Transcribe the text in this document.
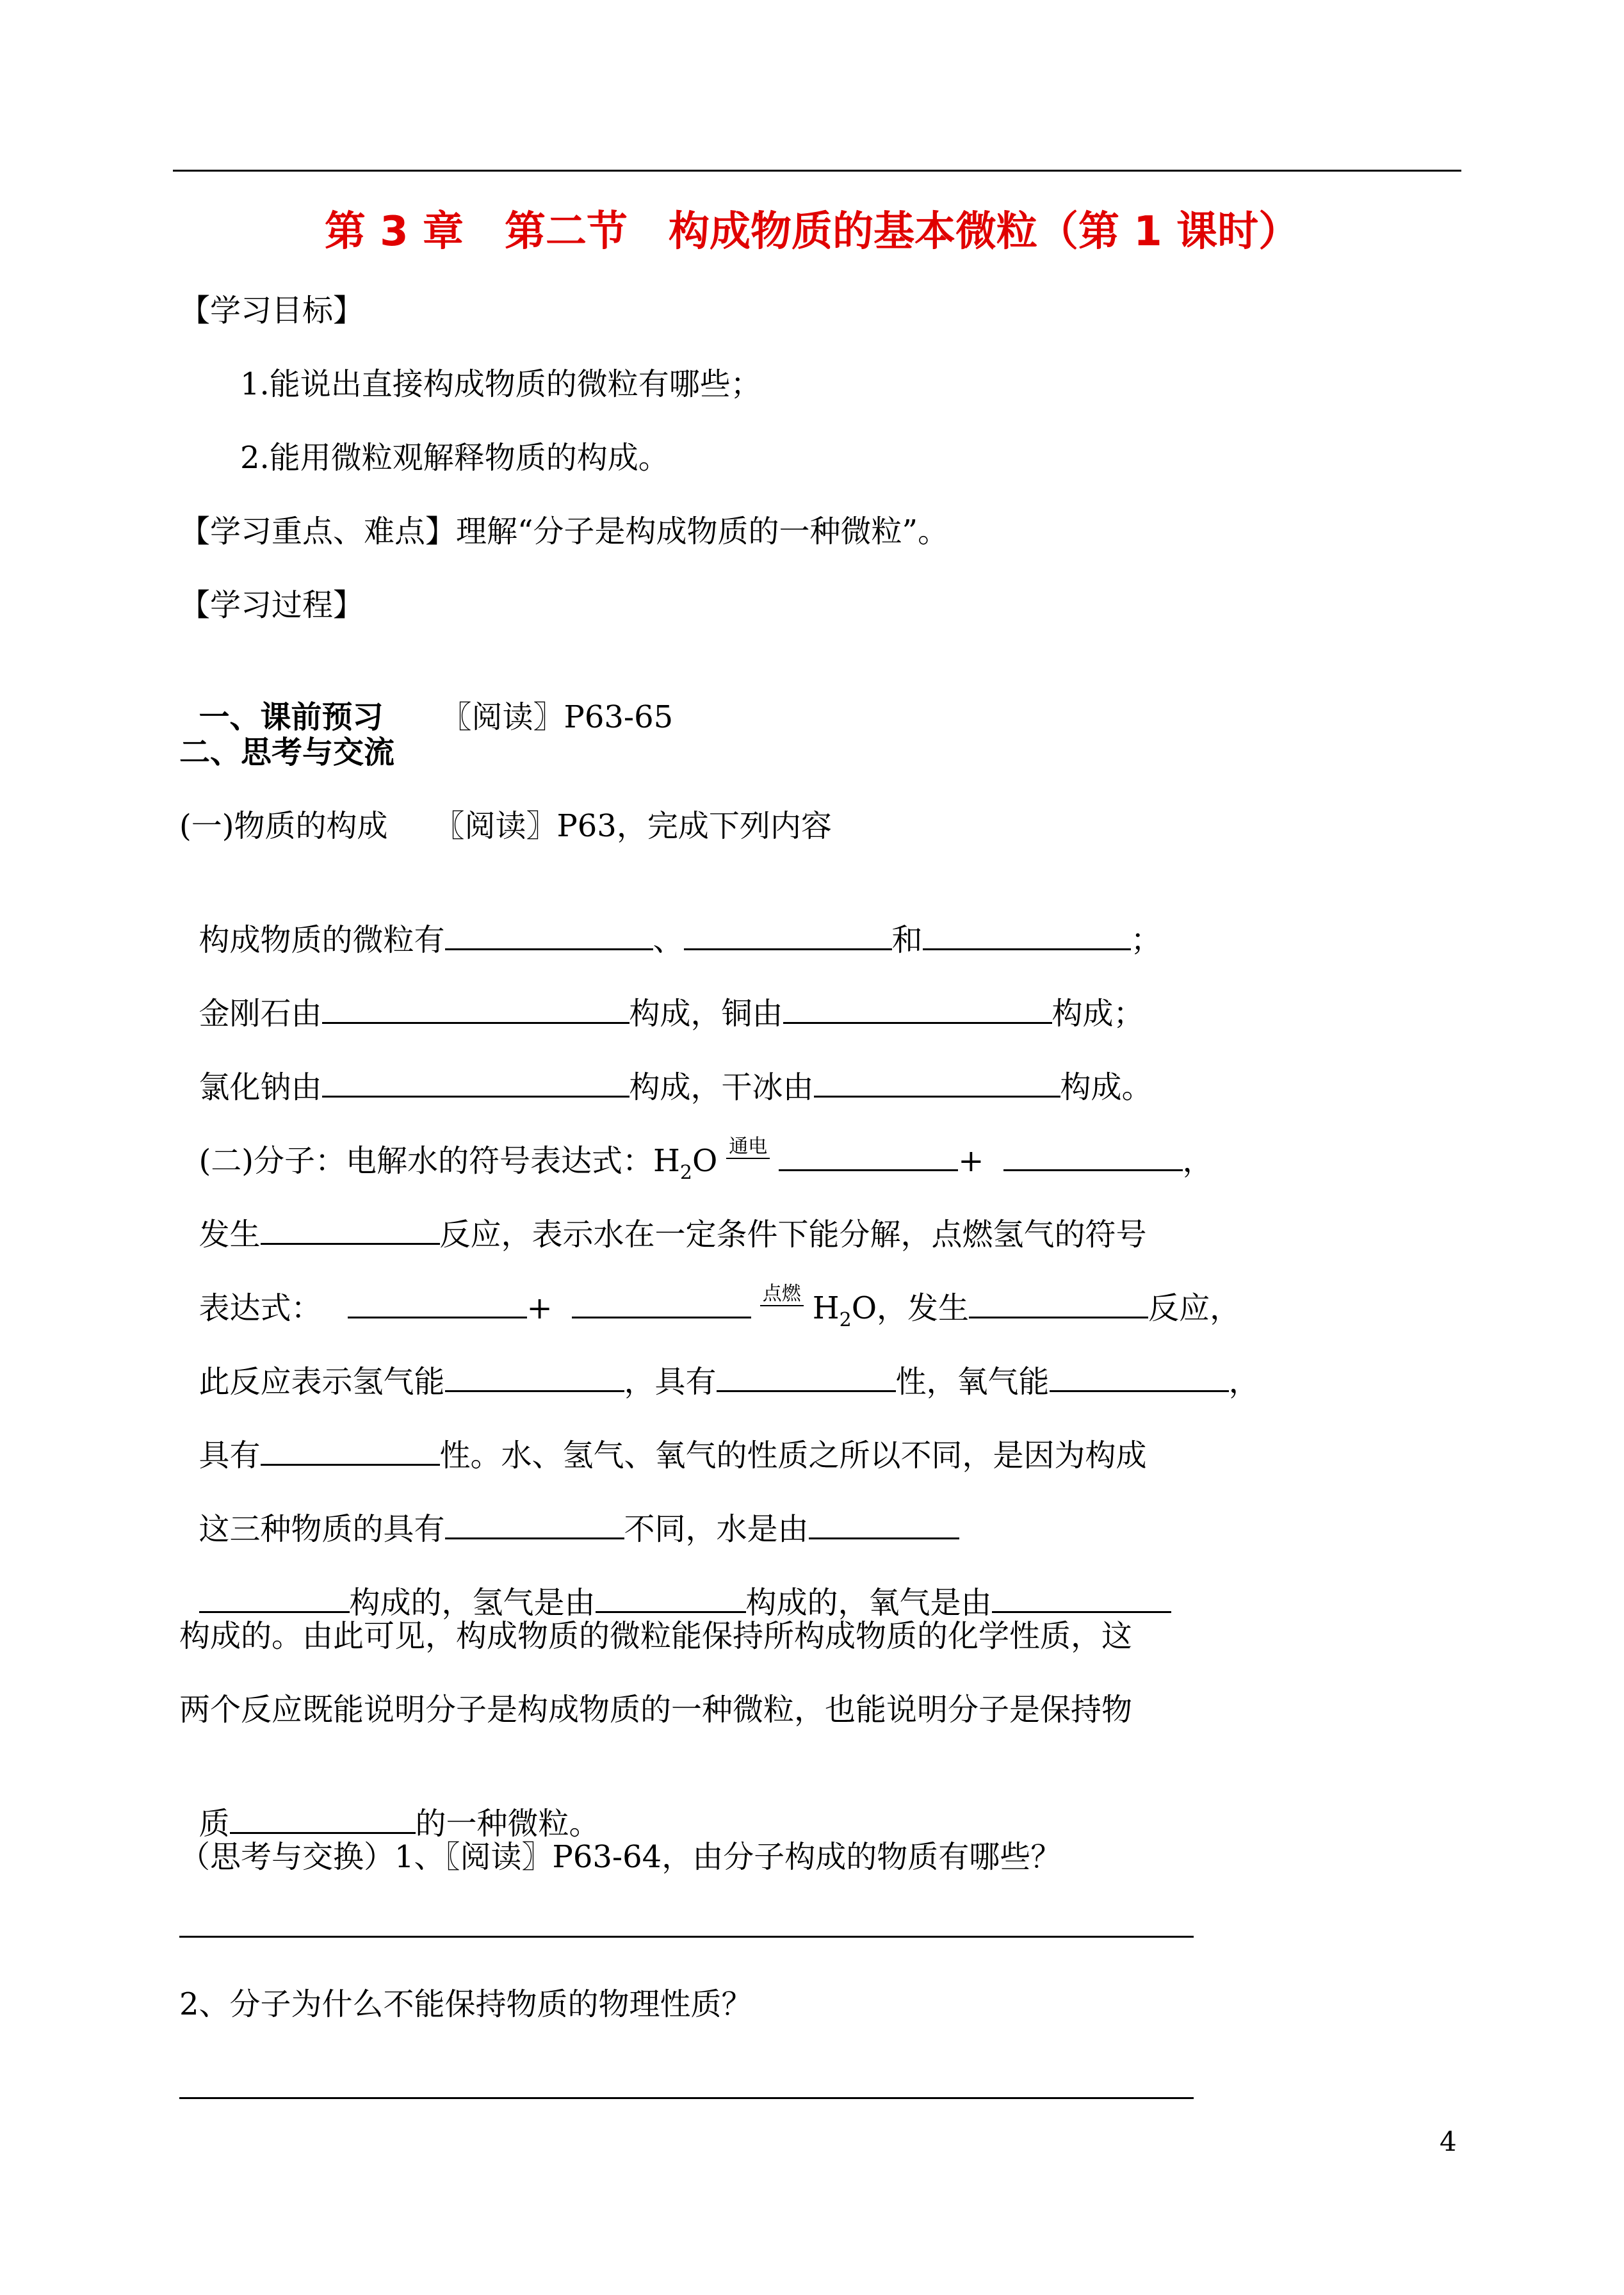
第 3 章　第二节　构成物质的基本微粒（第 1 课时）
【学习目标】
1.能说出直接构成物质的微粒有哪些；
2.能用微粒观解释物质的构成。
【学习重点、难点】理解“分子是构成物质的一种微粒”。
【学习过程】

一、课前预习 〖阅读〗P63-65

二、思考与交流
(一)物质的构成　　〖阅读〗P63，完成下列内容

构成物质的微粒有	、	和	；

金刚石由	构成，铜由	构成；

氯化钠由	构成，干冰由	构成。

(二)分子：电解水的符号表达式：$H_2O$ 通电	+	，

发生	反应，表示水在一定条件下能分解，点燃氢气的符号

表达式：	+	点燃 $H_2O$，发生	反应，

此反应表示氢气能	，具有	性，氧气能	，

具有	性。水、氢气、氧气的性质之所以不同，是因为构成

这三种物质的具有	不同，水是由

构成的，氢气是由	构成的，氧气是由

构成的。由此可见，构成物质的微粒能保持所构成物质的化学性质，这
两个反应既能说明分子是构成物质的一种微粒，也能说明分子是保持物

质	的一种微粒。

（思考与交换）1、〖阅读〗P63-64，由分子构成的物质有哪些？
2、分子为什么不能保持物质的物理性质？
4
